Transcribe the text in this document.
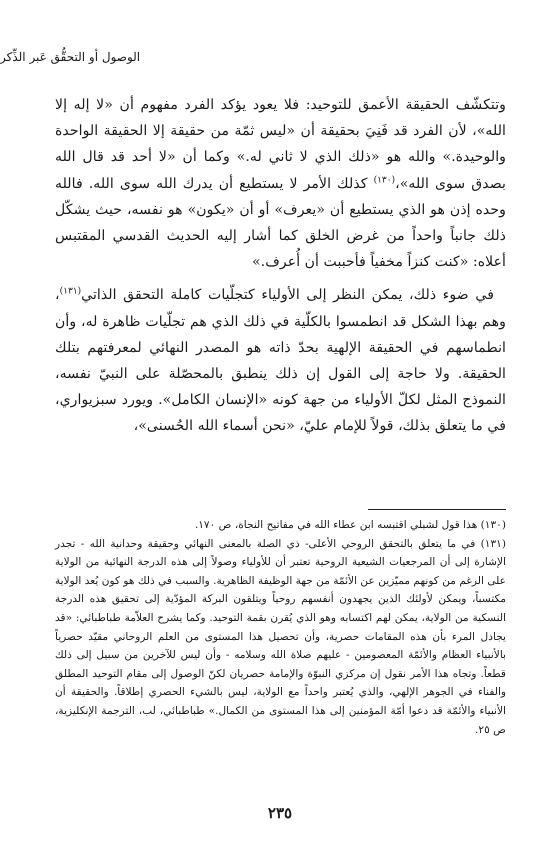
الوصول أو التحقُّق عَبر الذِّكر

وتتكشّف الحقيقة الأعمق للتوحيد: فلا يعود يؤكد الفرد مفهوم أن «لا إله إلا الله»، لأن الفرد قد فَنِيَ بحقيقة أن «ليس ثمّة من حقيقة إلا الحقيقة الواحدة والوحيدة.» والله هو «ذلك الذي لا ثاني له.» وكما أن «لا أحد قد قال الله بصدق سوى الله»،$^{(١٣٠)}$ كذلك الأمر لا يستطيع أن يدرك الله سوى الله. فالله وحده إذن هو الذي يستطيع أن «يعرف» أو أن «يكون» هو نفسه، حيث يشكّل ذلك جانباً واحداً من غرض الخلق كما أشار إليه الحديث القدسي المقتبس أعلاه: «كنت كنزاً مخفياً فأحببت أن أُعرف.»

في ضوء ذلك، يمكن النظر إلى الأولياء كتجلّيات كاملة التحقق الذاتي$^{(١٣١)}$، وهم بهذا الشكل قد انطمسوا بالكلّية في ذلك الذي هم تجلّيات ظاهرة له، وأن انطماسهم في الحقيقة الإلهية بحدّ ذاته هو المصدر النهائي لمعرفتهم بتلك الحقيقة. ولا حاجة إلى القول إن ذلك ينطبق بالمحصّلة على النبيّ نفسه، النموذج المثل لكلّ الأولياء من جهة كونه «الإنسان الكامل». ويورد سبزيواري، في ما يتعلق بذلك، قولاً للإمام عليّ، «نحن أسماء الله الحُسنى»،

(١٣٠) هذا قول لشبلي اقتبسه ابن عطاء الله في مفاتيح النجاة، ص ١٧٠.

(١٣١) في ما يتعلق بالتحقق الروحي الأعلى- ذي الصلة بالمعنى النهائي وحقيقة وحدانية الله - تجدر الإشارة إلى أن المرجعيات الشيعية الروحية تعتبر أن للأولياء وصولاً إلى هذه الدرجة النهائية من الولاية على الرغم من كونهم مميّزين عن الأئمّة من جهة الوظيفة الظاهرية. والسبب في ذلك هو كون يُعد الولاية مكتسباً، ويمكن لأولئك الذين يجهدون أنفسهم روحياً ويتلقون البركة المؤدّية إلى تحقيق هذه الدرجة النسكية من الولاية، يمكن لهم اكتسابه وهو الذي يُقرن بقمة التوحيد. وكما يشرح العلاّمة طباطبائي: «قد يجادل المرء بأن هذه المقامات حصرية، وأن تحصيل هذا المستوى من العلم الروحاني مقيّد حصرياً بالأنبياء العظام والأئمّة المعصومين - عليهم صلاة الله وسلامه - وأن ليس للآخرين من سبيل إلى ذلك قطعاً. وتجاه هذا الأمر نقول إن مركزي النبوّة والإمامة حصريان لكنّ الوصول إلى مقام التوحيد المطلق والفناء في الجوهر الإلهي، والذي يُعتبر واحداً مع الولاية، ليس بالشيء الحصري إطلاقاً. والحقيقة أن الأنبياء والأئمّة قد دعوا أمّة المؤمنين إلى هذا المستوى من الكمال.» طباطبائي، لب، الترجمة الإنكليزية، ص ٢٥.

٢٣٥
